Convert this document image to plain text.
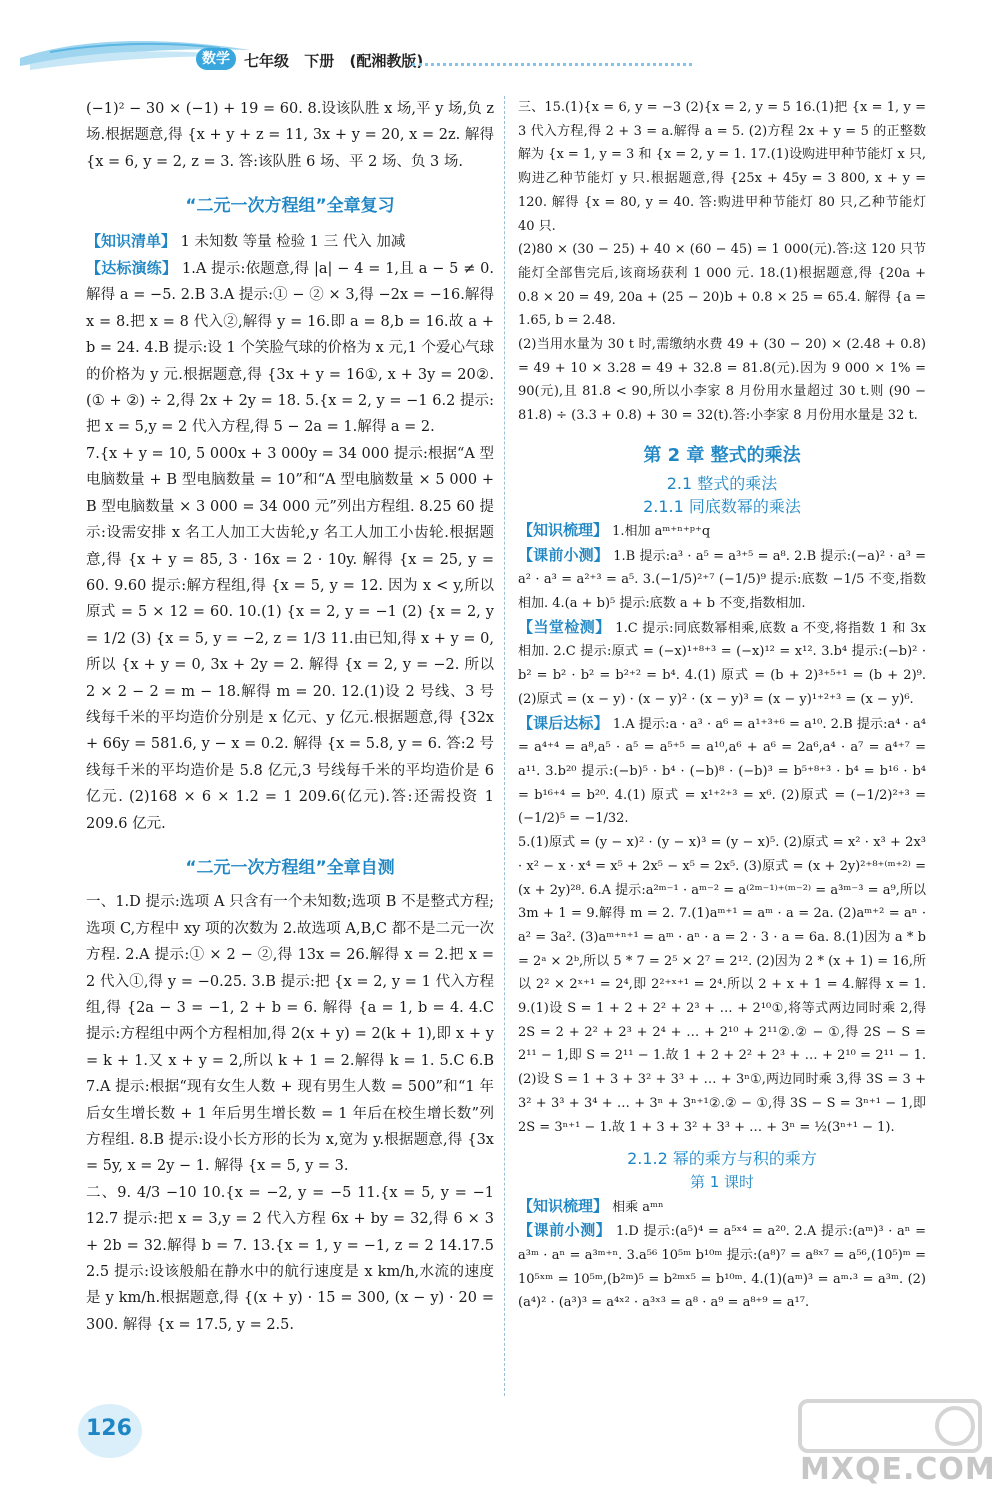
数学 七年级 下册 (配湘教版)

(−1)² − 30 × (−1) + 19 = 60. 8.设该队胜 x 场,平 y 场,负 z 场.根据题意,得 {x + y + z = 11, 3x + y = 20, x = 2z. 解得 {x = 6, y = 2, z = 3. 答:该队胜 6 场、平 2 场、负 3 场.

“二元一次方程组”全章复习

【知识清单】 1 未知数 等量 检验 1 三 代入 加减

【达标演练】 1.A 提示:依题意,得 |a| − 4 = 1,且 a − 5 ≠ 0.解得 a = −5. 2.B 3.A 提示:① − ② × 3,得 −2x = −16.解得 x = 8.把 x = 8 代入②,解得 y = 16.即 a = 8,b = 16.故 a + b = 24. 4.B 提示:设 1 个笑脸气球的价格为 x 元,1 个爱心气球的价格为 y 元.根据题意,得 {3x + y = 16①, x + 3y = 20②. (① + ②) ÷ 2,得 2x + 2y = 18. 5.{x = 2, y = −1 6.2 提示:把 x = 5,y = 2 代入方程,得 5 − 2a = 1.解得 a = 2.

7.{x + y = 10, 5 000x + 3 000y = 34 000 提示:根据“A 型电脑数量 + B 型电脑数量 = 10”和“A 型电脑数量 × 5 000 + B 型电脑数量 × 3 000 = 34 000 元”列出方程组. 8.25 60 提示:设需安排 x 名工人加工大齿轮,y 名工人加工小齿轮.根据题意,得 {x + y = 85, 3 · 16x = 2 · 10y. 解得 {x = 25, y = 60. 9.60 提示:解方程组,得 {x = 5, y = 12. 因为 x < y,所以原式 = 5 × 12 = 60. 10.(1) {x = 2, y = −1 (2) {x = 2, y = 1/2 (3) {x = 5, y = −2, z = 1/3 11.由已知,得 x + y = 0,所以 {x + y = 0, 3x + 2y = 2. 解得 {x = 2, y = −2. 所以 2 × 2 − 2 = m − 18.解得 m = 20. 12.(1)设 2 号线、3 号线每千米的平均造价分别是 x 亿元、y 亿元.根据题意,得 {32x + 66y = 581.6, y − x = 0.2. 解得 {x = 5.8, y = 6. 答:2 号线每千米的平均造价是 5.8 亿元,3 号线每千米的平均造价是 6 亿元. (2)168 × 6 × 1.2 = 1 209.6(亿元).答:还需投资 1 209.6 亿元.

“二元一次方程组”全章自测

一、1.D 提示:选项 A 只含有一个未知数;选项 B 不是整式方程;选项 C,方程中 xy 项的次数为 2.故选项 A,B,C 都不是二元一次方程. 2.A 提示:① × 2 − ②,得 13x = 26.解得 x = 2.把 x = 2 代入①,得 y = −0.25. 3.B 提示:把 {x = 2, y = 1 代入方程组,得 {2a − 3 = −1, 2 + b = 6. 解得 {a = 1, b = 4. 4.C 提示:方程组中两个方程相加,得 2(x + y) = 2(k + 1),即 x + y = k + 1.又 x + y = 2,所以 k + 1 = 2.解得 k = 1. 5.C 6.B 7.A 提示:根据“现有女生人数 + 现有男生人数 = 500”和“1 年后女生增长数 + 1 年后男生增长数 = 1 年后在校生增长数”列方程组. 8.B 提示:设小长方形的长为 x,宽为 y.根据题意,得 {3x = 5y, x = 2y − 1. 解得 {x = 5, y = 3.

二、9. 4/3 −10 10.{x = −2, y = −5 11.{x = 5, y = −1 12.7 提示:把 x = 3,y = 2 代入方程 6x + by = 32,得 6 × 3 + 2b = 32.解得 b = 7. 13.{x = 1, y = −1, z = 2 14.17.5 2.5 提示:设该般船在静水中的航行速度是 x km/h,水流的速度是 y km/h.根据题意,得 {(x + y) · 15 = 300, (x − y) · 20 = 300. 解得 {x = 17.5, y = 2.5.

三、15.(1){x = 6, y = −3 (2){x = 2, y = 5 16.(1)把 {x = 1, y = 3 代入方程,得 2 + 3 = a.解得 a = 5. (2)方程 2x + y = 5 的正整数解为 {x = 1, y = 3 和 {x = 2, y = 1. 17.(1)设购进甲种节能灯 x 只,购进乙种节能灯 y 只.根据题意,得 {25x + 45y = 3 800, x + y = 120. 解得 {x = 80, y = 40. 答:购进甲种节能灯 80 只,乙种节能灯 40 只.

(2)80 × (30 − 25) + 40 × (60 − 45) = 1 000(元).答:这 120 只节能灯全部售完后,该商场获利 1 000 元. 18.(1)根据题意,得 {20a + 0.8 × 20 = 49, 20a + (25 − 20)b + 0.8 × 25 = 65.4. 解得 {a = 1.65, b = 2.48.

(2)当用水量为 30 t 时,需缴纳水费 49 + (30 − 20) × (2.48 + 0.8) = 49 + 10 × 3.28 = 49 + 32.8 = 81.8(元).因为 9 000 × 1% = 90(元),且 81.8 < 90,所以小李家 8 月份用水量超过 30 t.则 (90 − 81.8) ÷ (3.3 + 0.8) + 30 = 32(t).答:小李家 8 月份用水量是 32 t.

第 2 章 整式的乘法
2.1 整式的乘法
2.1.1 同底数幂的乘法

【知识梳理】 1.相加 aᵐ⁺ⁿ⁺ᵖ⁺q

【课前小测】 1.B 提示:a³ · a⁵ = a³⁺⁵ = a⁸. 2.B 提示:(−a)² · a³ = a² · a³ = a²⁺³ = a⁵. 3.(−1/5)²⁺⁷ (−1/5)⁹ 提示:底数 −1/5 不变,指数相加. 4.(a + b)⁵ 提示:底数 a + b 不变,指数相加.

【当堂检测】 1.C 提示:同底数幂相乘,底数 a 不变,将指数 1 和 3x 相加. 2.C 提示:原式 = (−x)¹⁺⁸⁺³ = (−x)¹² = x¹². 3.b⁴ 提示:(−b)² · b² = b² · b² = b²⁺² = b⁴. 4.(1) 原式 = (b + 2)³⁺⁵⁺¹ = (b + 2)⁹. (2)原式 = (x − y) · (x − y)² · (x − y)³ = (x − y)¹⁺²⁺³ = (x − y)⁶.

【课后达标】 1.A 提示:a · a³ · a⁶ = a¹⁺³⁺⁶ = a¹⁰. 2.B 提示:a⁴ · a⁴ = a⁴⁺⁴ = a⁸,a⁵ · a⁵ = a⁵⁺⁵ = a¹⁰,a⁶ + a⁶ = 2a⁶,a⁴ · a⁷ = a⁴⁺⁷ = a¹¹. 3.b²⁰ 提示:(−b)⁵ · b⁴ · (−b)⁸ · (−b)³ = b⁵⁺⁸⁺³ · b⁴ = b¹⁶ · b⁴ = b¹⁶⁺⁴ = b²⁰. 4.(1) 原式 = x¹⁺²⁺³ = x⁶. (2)原式 = (−1/2)²⁺³ = (−1/2)⁵ = −1/32.

5.(1)原式 = (y − x)² · (y − x)³ = (y − x)⁵. (2)原式 = x² · x³ + 2x³ · x² − x · x⁴ = x⁵ + 2x⁵ − x⁵ = 2x⁵. (3)原式 = (x + 2y)²⁺⁸⁺⁽ᵐ⁺²⁾ = (x + 2y)²⁸. 6.A 提示:a²ᵐ⁻¹ · aᵐ⁻² = a⁽²ᵐ⁻¹⁾⁺⁽ᵐ⁻²⁾ = a³ᵐ⁻³ = a⁹,所以 3m + 1 = 9.解得 m = 2. 7.(1)aᵐ⁺¹ = aᵐ · a = 2a. (2)aᵐ⁺² = aⁿ · a² = 3a². (3)aᵐ⁺ⁿ⁺¹ = aᵐ · aⁿ · a = 2 · 3 · a = 6a. 8.(1)因为 a * b = 2ᵃ × 2ᵇ,所以 5 * 7 = 2⁵ × 2⁷ = 2¹². (2)因为 2 * (x + 1) = 16,所以 2² × 2ˣ⁺¹ = 2⁴,即 2²⁺ˣ⁺¹ = 2⁴.所以 2 + x + 1 = 4.解得 x = 1. 9.(1)设 S = 1 + 2 + 2² + 2³ + … + 2¹⁰①,将等式两边同时乘 2,得 2S = 2 + 2² + 2³ + 2⁴ + … + 2¹⁰ + 2¹¹②.② − ①,得 2S − S = 2¹¹ − 1,即 S = 2¹¹ − 1.故 1 + 2 + 2² + 2³ + … + 2¹⁰ = 2¹¹ − 1. (2)设 S = 1 + 3 + 3² + 3³ + … + 3ⁿ①,两边同时乘 3,得 3S = 3 + 3² + 3³ + 3⁴ + … + 3ⁿ + 3ⁿ⁺¹②.② − ①,得 3S − S = 3ⁿ⁺¹ − 1,即 2S = 3ⁿ⁺¹ − 1.故 1 + 3 + 3² + 3³ + … + 3ⁿ = ½(3ⁿ⁺¹ − 1).

2.1.2 幂的乘方与积的乘方
第 1 课时

【知识梳理】 相乘 aᵐⁿ

【课前小测】 1.D 提示:(a⁵)⁴ = a⁵ˣ⁴ = a²⁰. 2.A 提示:(aᵐ)³ · aⁿ = a³ᵐ · aⁿ = a³ᵐ⁺ⁿ. 3.a⁵⁶ 10⁵ᵐ b¹⁰ᵐ 提示:(a⁸)⁷ = a⁸ˣ⁷ = a⁵⁶,(10⁵)ᵐ = 10⁵ˣᵐ = 10⁵ᵐ,(b²ᵐ)⁵ = b²ᵐˣ⁵ = b¹⁰ᵐ. 4.(1)(aᵐ)³ = aᵐ·³ = a³ᵐ. (2)(a⁴)² · (a³)³ = a⁴ˣ² · a³ˣ³ = a⁸ · a⁹ = a⁸⁺⁹ = a¹⁷.

126
MXQE.COM
